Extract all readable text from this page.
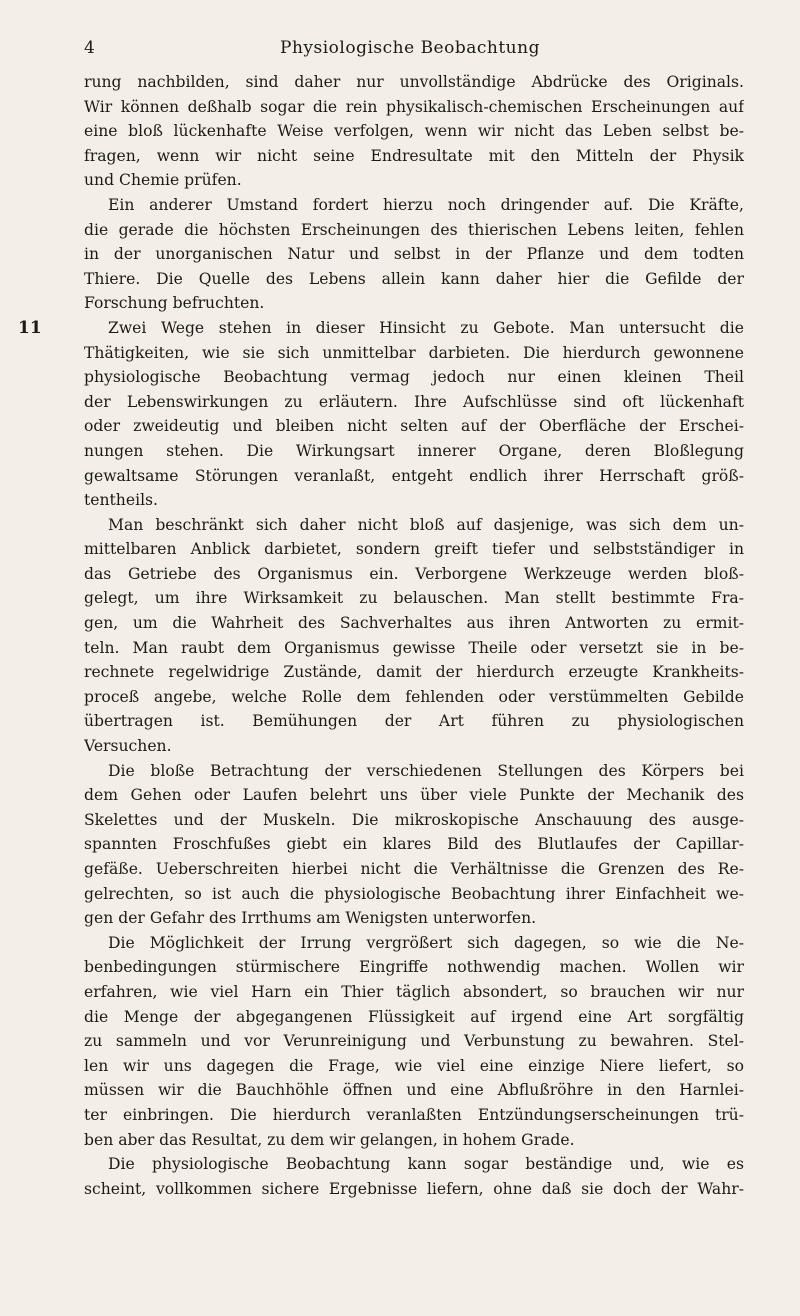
4	Physiologische Beobachtung
11
rung nachbilden, sind daher nur unvollständige Abdrücke des Originals.
Wir können deßhalb sogar die rein physikalisch-chemischen Erscheinungen auf
eine bloß lückenhafte Weise verfolgen, wenn wir nicht das Leben selbst be-
fragen, wenn wir nicht seine Endresultate mit den Mitteln der Physik
und Chemie prüfen.
Ein anderer Umstand fordert hierzu noch dringender auf. Die Kräfte,
die gerade die höchsten Erscheinungen des thierischen Lebens leiten, fehlen
in der unorganischen Natur und selbst in der Pflanze und dem todten
Thiere. Die Quelle des Lebens allein kann daher hier die Gefilde der
Forschung befruchten.
Zwei Wege stehen in dieser Hinsicht zu Gebote. Man untersucht die
Thätigkeiten, wie sie sich unmittelbar darbieten. Die hierdurch gewonnene
physiologische Beobachtung vermag jedoch nur einen kleinen Theil
der Lebenswirkungen zu erläutern. Ihre Aufschlüsse sind oft lückenhaft
oder zweideutig und bleiben nicht selten auf der Oberfläche der Erschei-
nungen stehen. Die Wirkungsart innerer Organe, deren Bloßlegung
gewaltsame Störungen veranlaßt, entgeht endlich ihrer Herrschaft größ-
tentheils.
Man beschränkt sich daher nicht bloß auf dasjenige, was sich dem un-
mittelbaren Anblick darbietet, sondern greift tiefer und selbstständiger in
das Getriebe des Organismus ein. Verborgene Werkzeuge werden bloß-
gelegt, um ihre Wirksamkeit zu belauschen. Man stellt bestimmte Fra-
gen, um die Wahrheit des Sachverhaltes aus ihren Antworten zu ermit-
teln. Man raubt dem Organismus gewisse Theile oder versetzt sie in be-
rechnete regelwidrige Zustände, damit der hierdurch erzeugte Krankheits-
proceß angebe, welche Rolle dem fehlenden oder verstümmelten Gebilde
übertragen ist. Bemühungen der Art führen zu physiologischen
Versuchen.
Die bloße Betrachtung der verschiedenen Stellungen des Körpers bei
dem Gehen oder Laufen belehrt uns über viele Punkte der Mechanik des
Skelettes und der Muskeln. Die mikroskopische Anschauung des ausge-
spannten Froschfußes giebt ein klares Bild des Blutlaufes der Capillar-
gefäße. Ueberschreiten hierbei nicht die Verhältnisse die Grenzen des Re-
gelrechten, so ist auch die physiologische Beobachtung ihrer Einfachheit we-
gen der Gefahr des Irrthums am Wenigsten unterworfen.
Die Möglichkeit der Irrung vergrößert sich dagegen, so wie die Ne-
benbedingungen stürmischere Eingriffe nothwendig machen. Wollen wir
erfahren, wie viel Harn ein Thier täglich absondert, so brauchen wir nur
die Menge der abgegangenen Flüssigkeit auf irgend eine Art sorgfältig
zu sammeln und vor Verunreinigung und Verbunstung zu bewahren. Stel-
len wir uns dagegen die Frage, wie viel eine einzige Niere liefert, so
müssen wir die Bauchhöhle öffnen und eine Abflußröhre in den Harnlei-
ter einbringen. Die hierdurch veranlaßten Entzündungserscheinungen trü-
ben aber das Resultat, zu dem wir gelangen, in hohem Grade.
Die physiologische Beobachtung kann sogar beständige und, wie es
scheint, vollkommen sichere Ergebnisse liefern, ohne daß sie doch der Wahr-
